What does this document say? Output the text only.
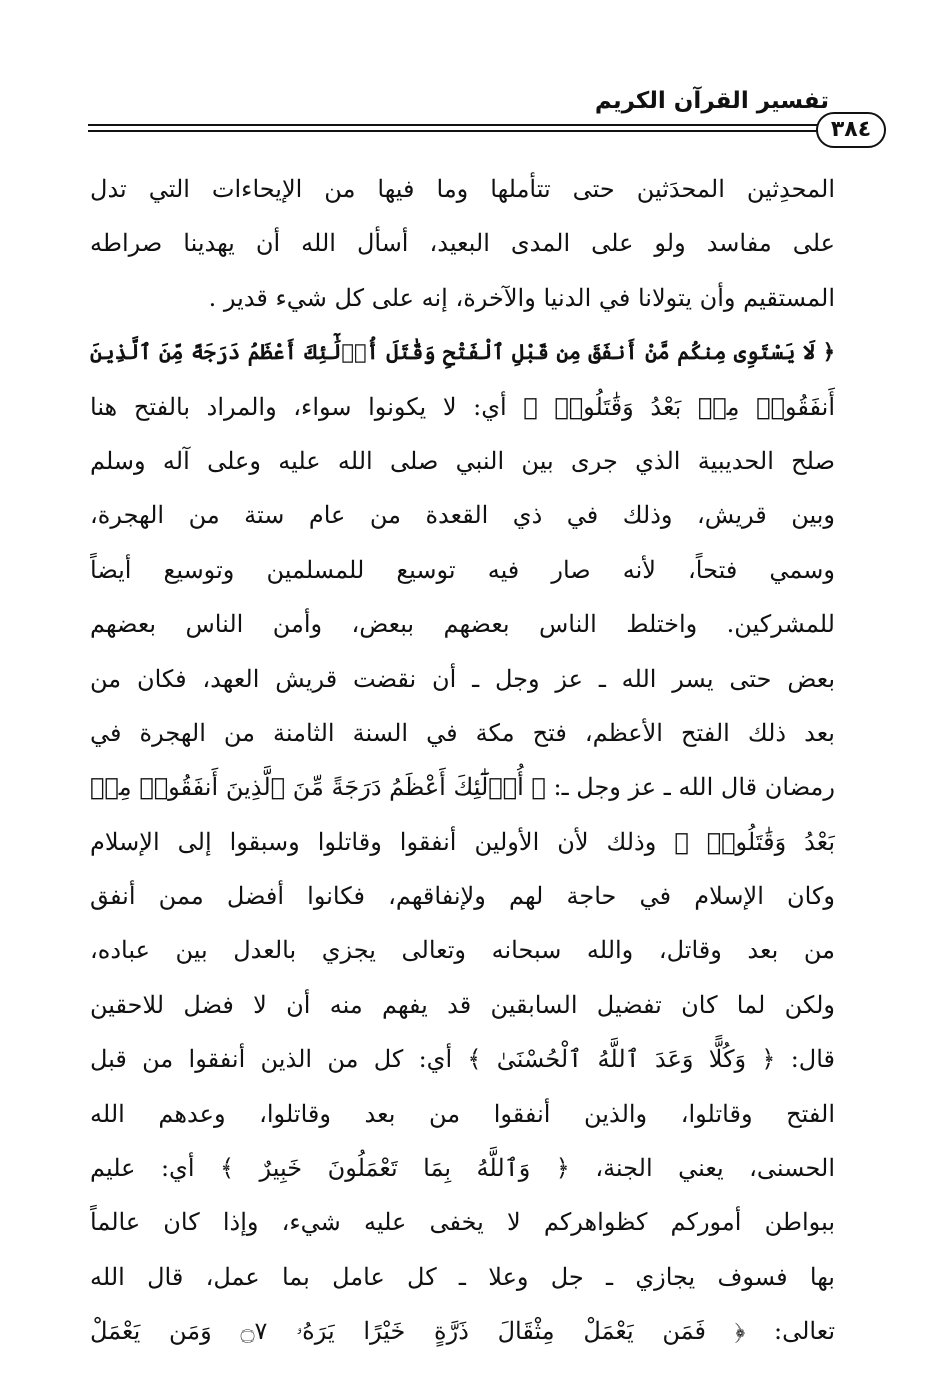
تفسير القرآن الكريم
٣٨٤
المحدِثين المحدَثين حتى تتأملها وما فيها من الإيحاءات التي تدل
على مفاسد ولو على المدى البعيد، أسأل الله أن يهدينا صراطه
المستقيم وأن يتولانا في الدنيا والآخرة، إنه على كل شيء قدير .
﴿ لَا يَسْتَوِى مِنكُم مَّنْ أَنفَقَ مِن قَبْلِ ٱلْفَتْحِ وَقَٰتَلَ أُو۟لَٰٓئِكَ أَعْظَمُ دَرَجَةً مِّنَ ٱلَّذِينَ
أَنفَقُوا۟ مِنۢ بَعْدُ وَقَٰتَلُوا۟ ﴾ أي: لا يكونوا سواء، والمراد بالفتح هنا
صلح الحديبية الذي جرى بين النبي صلى الله عليه وعلى آله وسلم
وبين قريش، وذلك في ذي القعدة من عام ستة من الهجرة،
وسمي فتحاً، لأنه صار فيه توسيع للمسلمين وتوسيع أيضاً
للمشركين. واختلط الناس بعضهم ببعض، وأمن الناس بعضهم
بعض حتى يسر الله ـ عز وجل ـ أن نقضت قريش العهد، فكان من
بعد ذلك الفتح الأعظم، فتح مكة في السنة الثامنة من الهجرة في
رمضان قال الله ـ عز وجل ـ: ﴿ أُو۟لَٰٓئِكَ أَعْظَمُ دَرَجَةً مِّنَ ٱلَّذِينَ أَنفَقُوا۟ مِنۢ
بَعْدُ وَقَٰتَلُوا۟ ﴾ وذلك لأن الأولين أنفقوا وقاتلوا وسبقوا إلى الإسلام
وكان الإسلام في حاجة لهم ولإنفاقهم، فكانوا أفضل ممن أنفق
من بعد وقاتل، والله سبحانه وتعالى يجزي بالعدل بين عباده،
ولكن لما كان تفضيل السابقين قد يفهم منه أن لا فضل للاحقين
قال: ﴿ وَكُلًّا وَعَدَ ٱللَّهُ ٱلْحُسْنَىٰ ﴾ أي: كل من الذين أنفقوا من قبل
الفتح وقاتلوا، والذين أنفقوا من بعد وقاتلوا، وعدهم الله
الحسنى، يعني الجنة، ﴿ وَٱللَّهُ بِمَا تَعْمَلُونَ خَبِيرٌ ﴾ أي: عليم
ببواطن أموركم كظواهركم لا يخفى عليه شيء، وإذا كان عالماً
بها فسوف يجازي ـ جل وعلا ـ كل عامل بما عمل، قال الله
تعالى: ﴿ فَمَن يَعْمَلْ مِثْقَالَ ذَرَّةٍ خَيْرًا يَرَهُۥ ۝٧ وَمَن يَعْمَلْ
